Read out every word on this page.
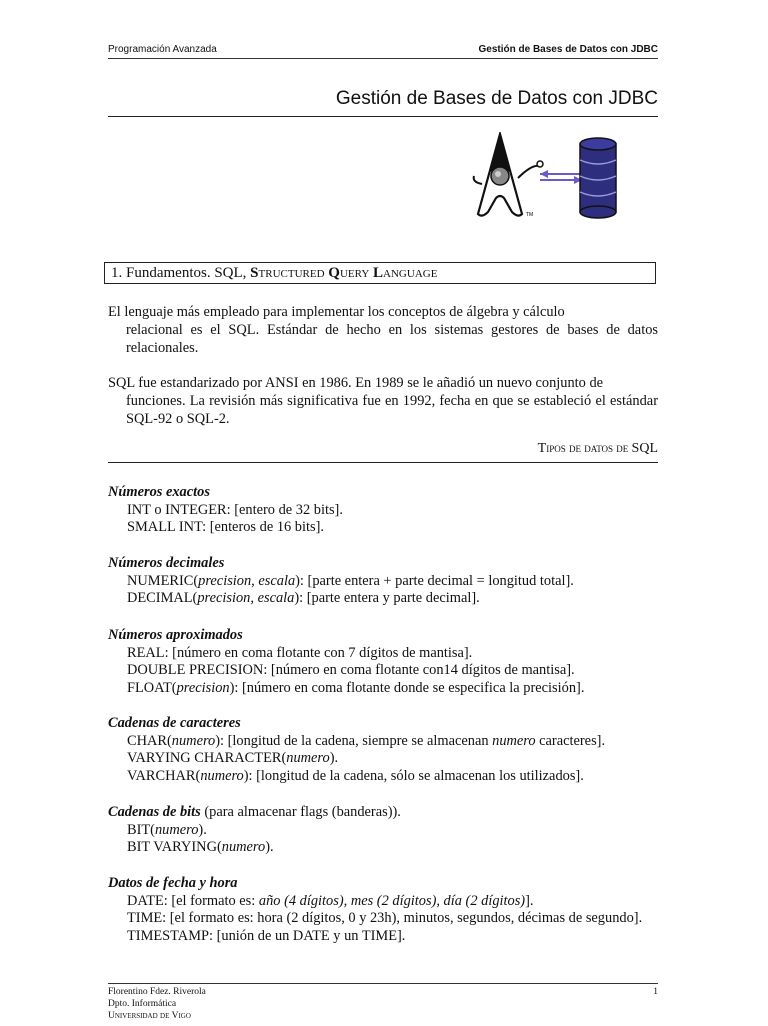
Programación Avanzada	Gestión de Bases de Datos con JDBC
Gestión de Bases de Datos con JDBC
TM
1. Fundamentos. SQL, Structured Query Language
El lenguaje más empleado para implementar los conceptos de álgebra y cálculo
relacional es el SQL. Estándar de hecho en los sistemas gestores de bases de datos relacionales.
SQL fue estandarizado por ANSI en 1986. En 1989 se le añadió un nuevo conjunto de
funciones. La revisión más significativa fue en 1992, fecha en que se estableció el estándar SQL-92 o SQL-2.
Tipos de datos de SQL
Números exactos
INT o INTEGER: [entero de 32 bits].
SMALL INT: [enteros de 16 bits].
Números decimales
NUMERIC(precision, escala): [parte entera + parte decimal = longitud total].
DECIMAL(precision, escala): [parte entera y parte decimal].
Números aproximados
REAL: [número en coma flotante con 7 dígitos de mantisa].
DOUBLE PRECISION: [número en coma flotante con14 dígitos de mantisa].
FLOAT(precision): [número en coma flotante donde se especifica la precisión].
Cadenas de caracteres
CHAR(numero): [longitud de la cadena, siempre se almacenan numero caracteres].
VARYING CHARACTER(numero).
VARCHAR(numero): [longitud de la cadena, sólo se almacenan los utilizados].
Cadenas de bits (para almacenar flags (banderas)).
BIT(numero).
BIT VARYING(numero).
Datos de fecha y hora
DATE: [el formato es: año (4 dígitos), mes (2 dígitos), día (2 dígitos)].
TIME: [el formato es: hora (2 dígitos, 0 y 23h), minutos, segundos, décimas de segundo].
TIMESTAMP: [unión de un DATE y un TIME].
Florentino Fdez. Riverola
Dpto. Informática
Universidad de Vigo
1
